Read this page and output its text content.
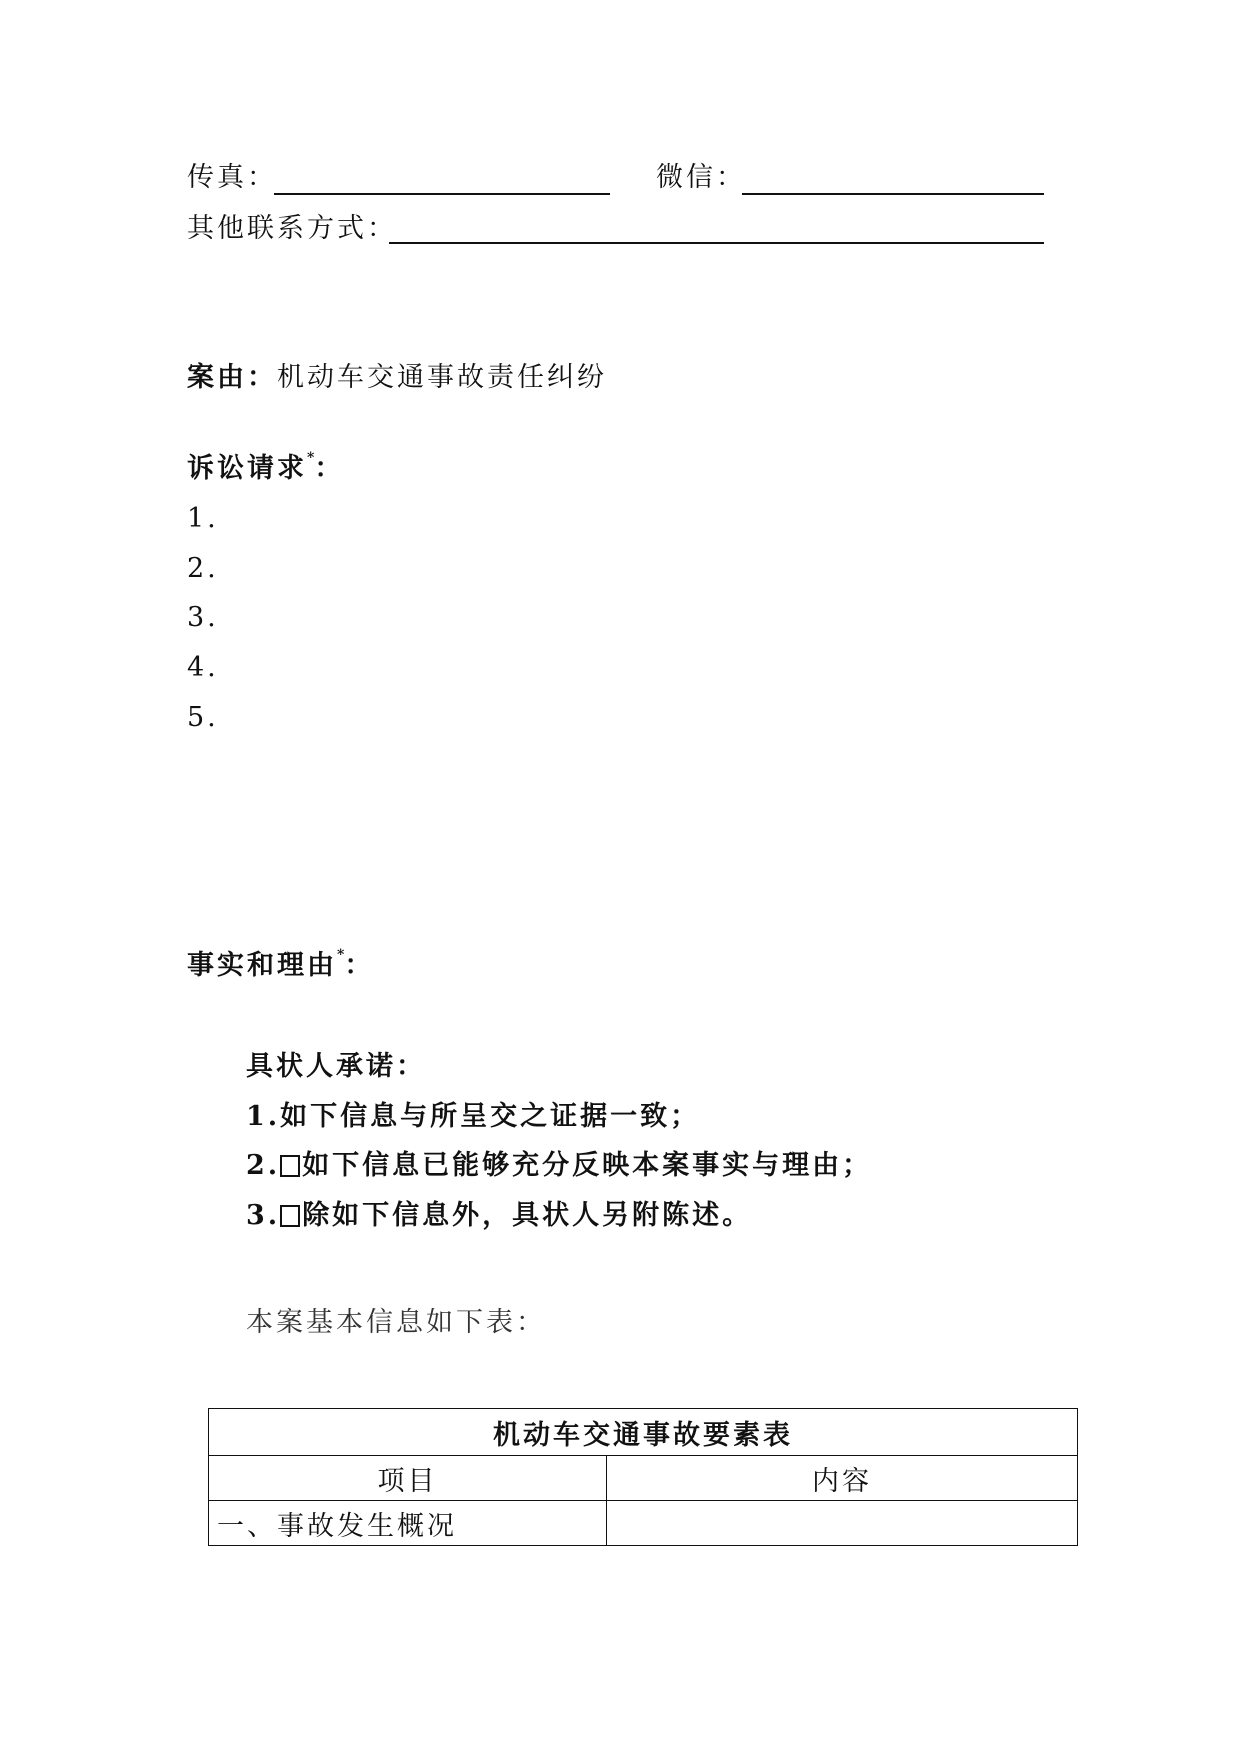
传真：	微信：
其他联系方式：
案由：机动车交通事故责任纠纷
诉讼请求*：
1.
2.
3.
4.
5.
事实和理由*：
具状人承诺：
1.如下信息与所呈交之证据一致；
2. 如下信息已能够充分反映本案事实与理由；
3. 除如下信息外，具状人另附陈述。
本案基本信息如下表：
机动车交通事故要素表	
项目	内容
一、事故发生概况	
